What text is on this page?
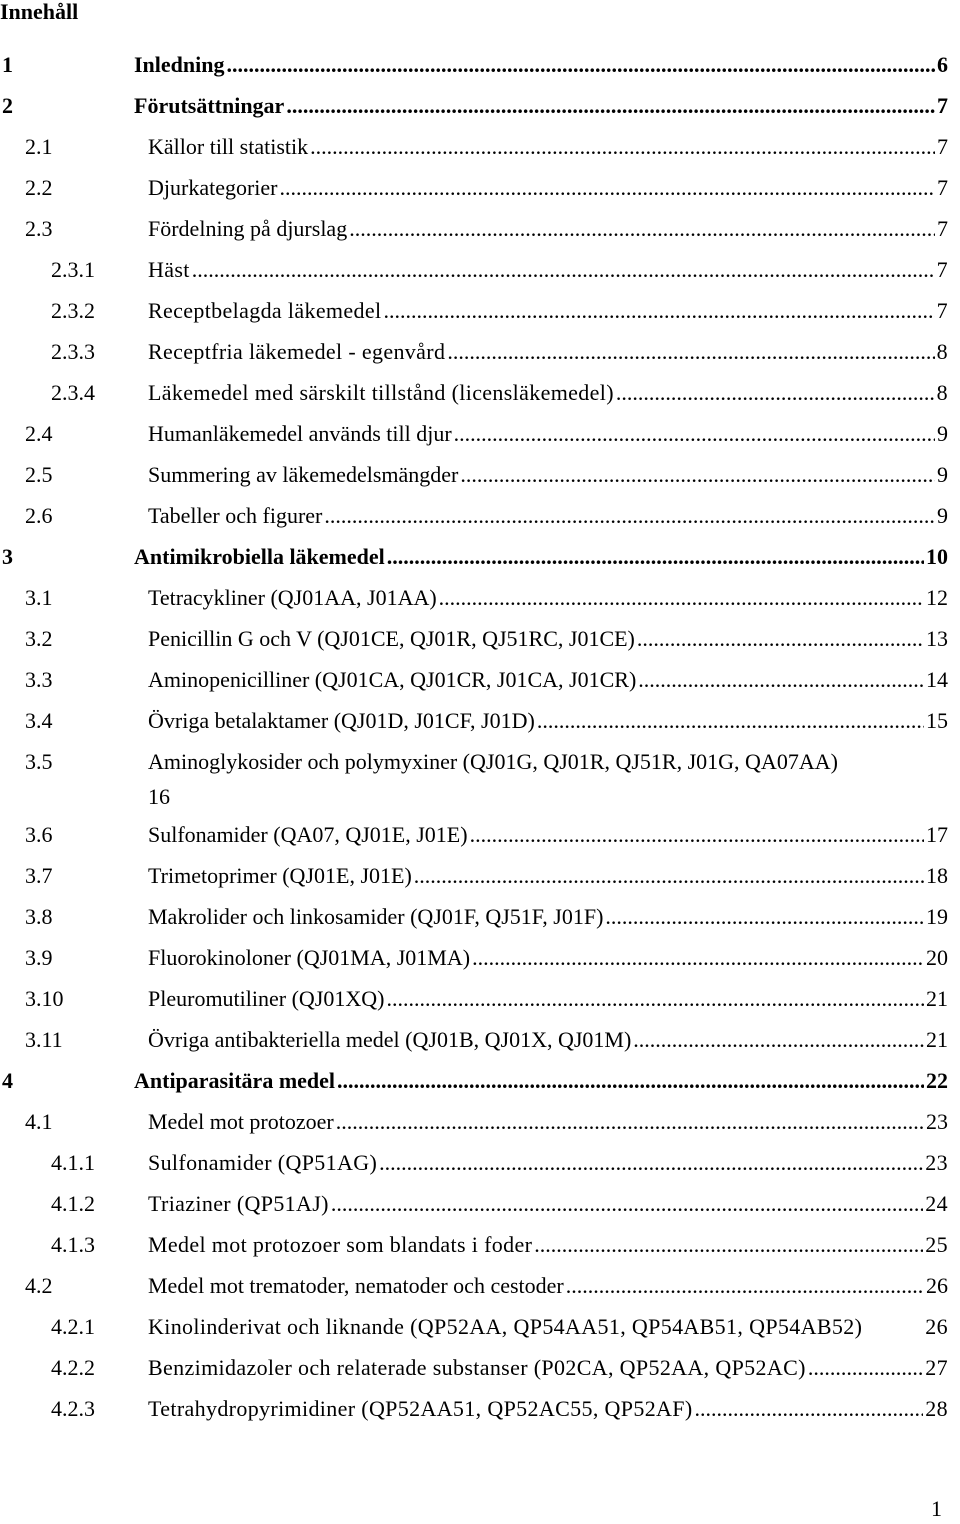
Innehåll
1	Inledning .....	6
2	Förutsättningar .....	7
2.1	Källor till statistik .....	7
2.2	Djurkategorier .....	7
2.3	Fördelning på djurslag .....	7
2.3.1 Häst .....	7
2.3.2 Receptbelagda läkemedel .....	7
2.3.3 Receptfria läkemedel - egenvård .....	8
2.3.4 Läkemedel med särskilt tillstånd (licensläkemedel) .....	8
2.4	Humanläkemedel används till djur .....	9
2.5	Summering av läkemedelsmängder .....	9
2.6	Tabeller och figurer .....	9
3	Antimikrobiella läkemedel .....	10
3.1	Tetracykliner (QJ01AA, J01AA) .....	12
3.2	Penicillin G och V (QJ01CE, QJ01R, QJ51RC, J01CE) .....	13
3.3	Aminopenicilliner (QJ01CA, QJ01CR, J01CA, J01CR) .....	14
3.4	Övriga betalaktamer (QJ01D, J01CF, J01D) .....	15
3.5	Aminoglykosider och polymyxiner (QJ01G, QJ01R, QJ51R, J01G, QA07AA)
16
3.6	Sulfonamider (QA07, QJ01E, J01E) .....	17
3.7	Trimetoprimer (QJ01E, J01E) .....	18
3.8	Makrolider och linkosamider (QJ01F, QJ51F, J01F) .....	19
3.9	Fluorokinoloner (QJ01MA, J01MA) .....	20
3.10	Pleuromutiliner (QJ01XQ) .....	21
3.11	Övriga antibakteriella medel (QJ01B, QJ01X, QJ01M) .....	21
4	Antiparasitära medel .....	22
4.1	Medel mot protozoer .....	23
4.1.1 Sulfonamider (QP51AG) .....	23
4.1.2 Triaziner (QP51AJ) .....	24
4.1.3 Medel mot protozoer som blandats i foder .....	25
4.2	Medel mot trematoder, nematoder och cestoder .....	26
4.2.1 Kinolinderivat och liknande (QP52AA, QP54AA51, QP54AB51, QP54AB52)	26
4.2.2 Benzimidazoler och relaterade substanser (P02CA, QP52AA, QP52AC) .....	27
4.2.3 Tetrahydropyrimidiner (QP52AA51, QP52AC55, QP52AF) .....	28
1
